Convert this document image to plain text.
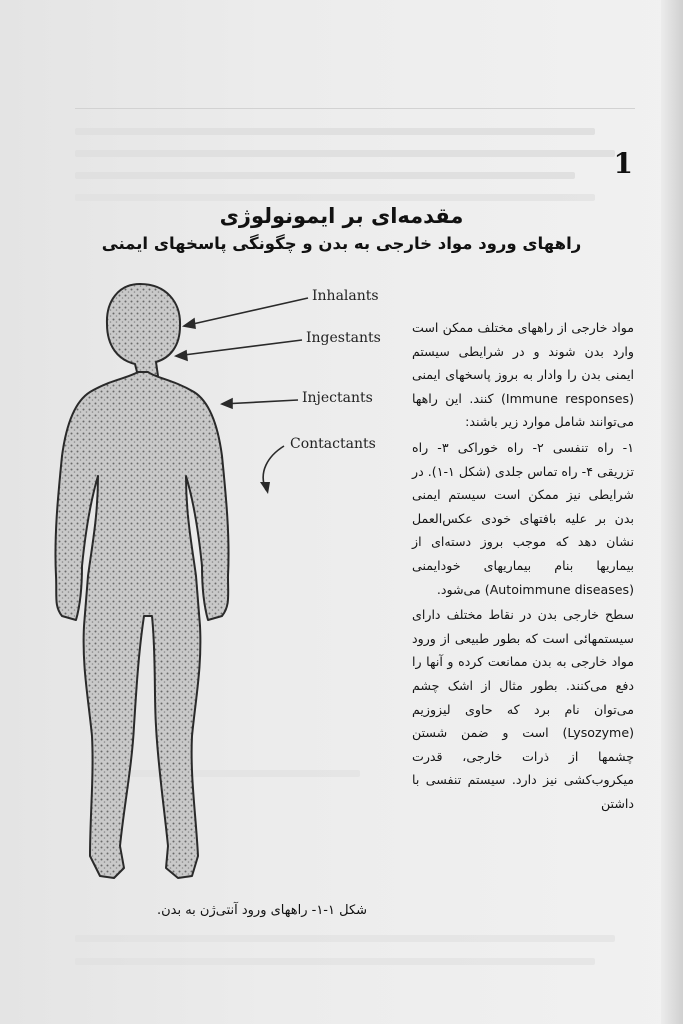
1
مقدمه‌ای بر ایمونولوژی
راههای ورود مواد خارجی به بدن و چگونگی پاسخهای ایمنی
Inhalants
Ingestants
Injectants
Contactants

مواد خارجی از راههای مختلف ممکن است وارد بدن شوند و در شرایطی سیستم ایمنی بدن را وادار به بروز پاسخهای ایمنی (Immune responses) کنند. این راهها می‌توانند شامل موارد زیر باشند:

۱- راه تنفسی ۲- راه خوراکی ۳- راه تزریقی ۴- راه تماس جلدی (شکل ۱-۱). در شرایطی نیز ممکن است سیستم ایمنی بدن بر علیه بافتهای خودی عکس‌العمل نشان دهد که موجب بروز دسته‌ای از بیماریها بنام بیماریهای خودایمنی (Autoimmune diseases) می‌شود.

سطح خارجی بدن در نقاط مختلف دارای سیستمهائی است که بطور طبیعی از ورود مواد خارجی به بدن ممانعت کرده و آنها را دفع می‌کنند. بطور مثال از اشک چشم می‌توان نام برد که حاوی لیزوزیم (Lysozyme) است و ضمن شستن چشمها از ذرات خارجی، قدرت میکروب‌کشی نیز دارد. سیستم تنفسی با داشتن

شکل ۱-۱- راههای ورود آنتی‌ژن به بدن.
